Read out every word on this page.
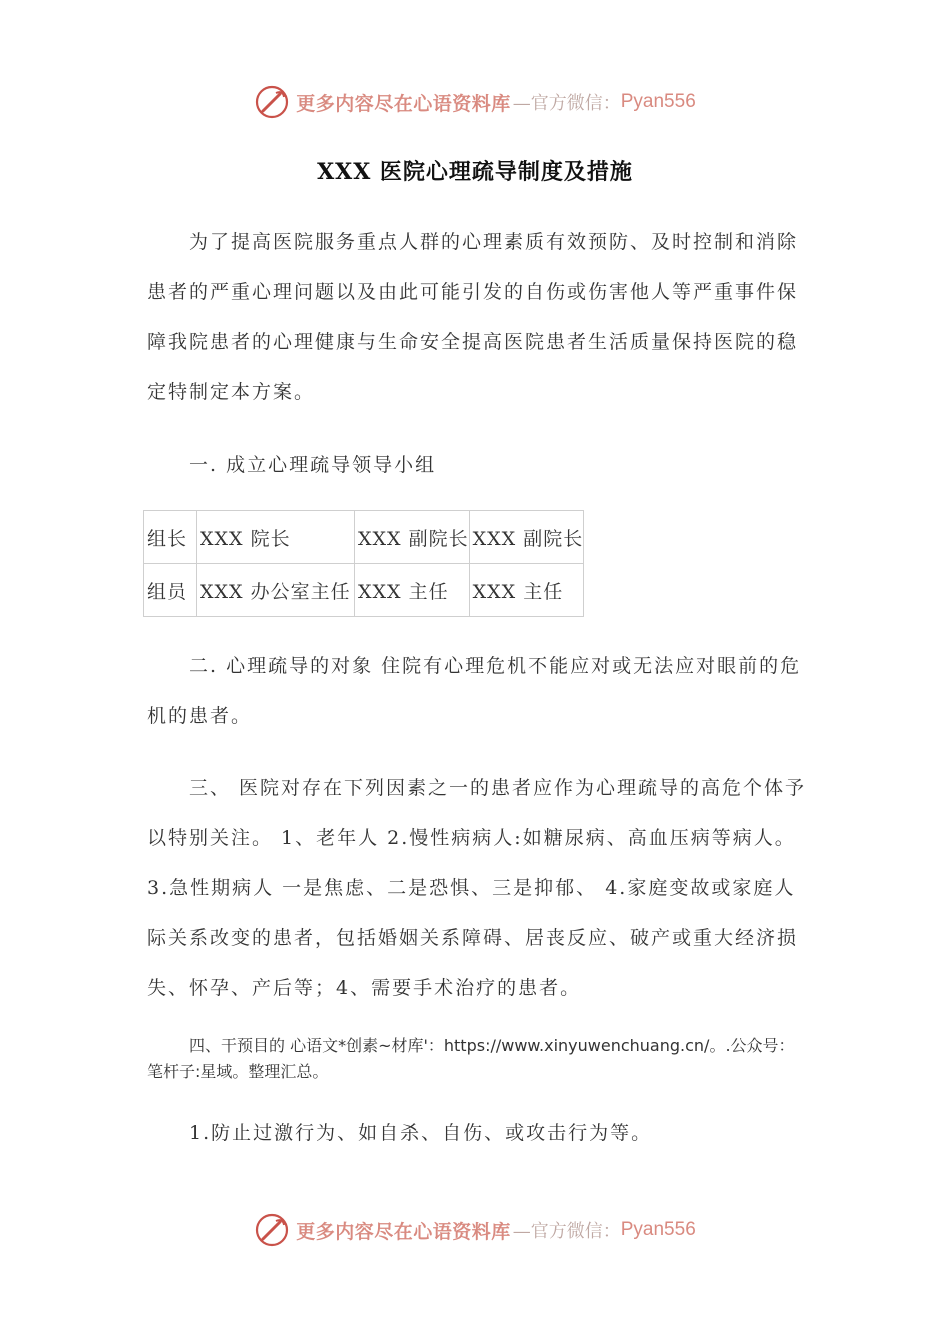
更多内容尽在心语资料库 —官方微信： Pyan556
XXX 医院心理疏导制度及措施

为了提高医院服务重点人群的心理素质有效预防、及时控制和消除患者的严重心理问题以及由此可能引发的自伤或伤害他人等严重事件保障我院患者的心理健康与生命安全提高医院患者生活质量保持医院的稳定特制定本方案。

一. 成立心理疏导领导小组

组长	XXX 院长	XXX 副院长	XXX 副院长
组员	XXX 办公室主任	XXX 主任	XXX 主任

二. 心理疏导的对象 住院有心理危机不能应对或无法应对眼前的危机的患者。

三、 医院对存在下列因素之一的患者应作为心理疏导的高危个体予以特别关注。 1、老年人 2.慢性病病人:如糖尿病、高血压病等病人。 3.急性期病人 一是焦虑、二是恐惧、三是抑郁、 4.家庭变故或家庭人际关系改变的患者，包括婚姻关系障碍、居丧反应、破产或重大经济损失、怀孕、产后等；4、需要手术治疗的患者。

四、干预目的 心语文*创素~材库'：https://www.xinyuwenchuang.cn/。.公众号：笔杆子:星域。整理汇总。

1.防止过激行为、如自杀、自伤、或攻击行为等。

更多内容尽在心语资料库 —官方微信： Pyan556
